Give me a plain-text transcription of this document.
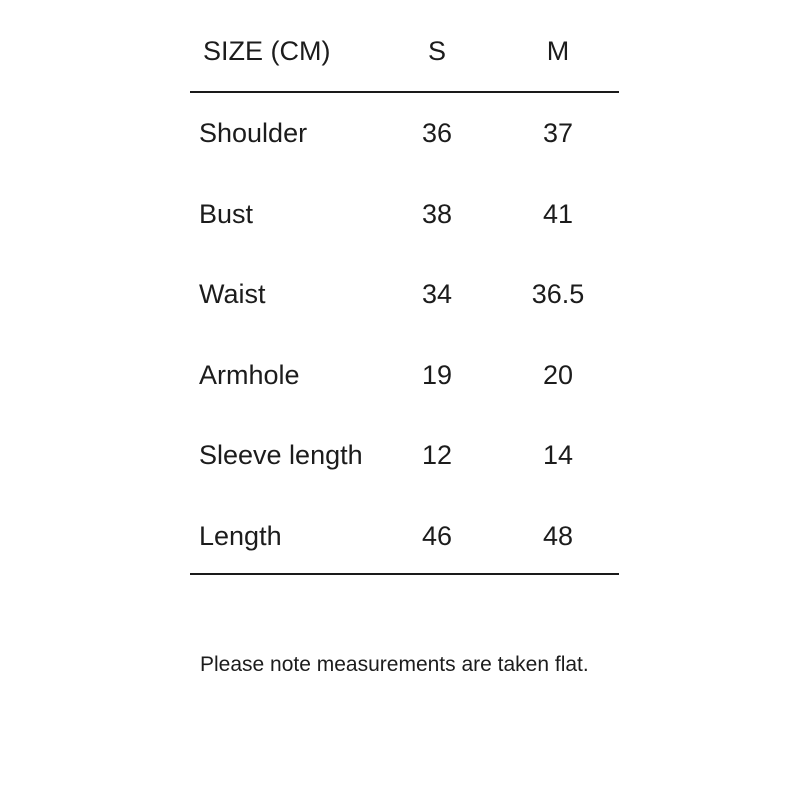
SIZE (CM)	S	M
Shoulder	36	37
Bust	38	41
Waist	34	36.5
Armhole	19	20
Sleeve length	12	14
Length	46	48
Please note measurements are taken flat.
